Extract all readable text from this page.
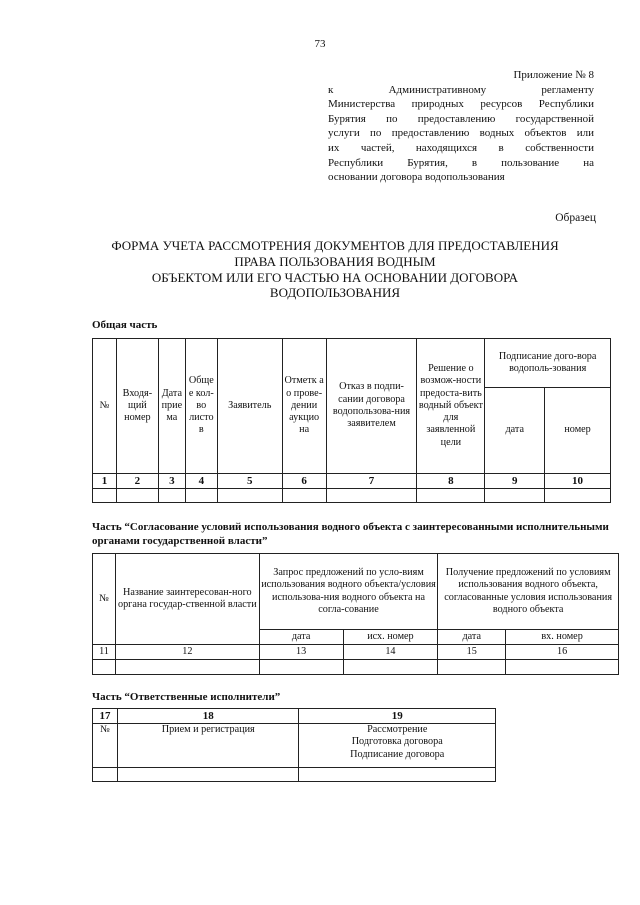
73
Приложение № 8
к Административному регламенту
Министерства природных ресурсов Республики
Бурятия по предоставлению государственной
услуги по предоставлению водных объектов или
их частей, находящихся в собственности
Республики Бурятия, в пользование на
основании договора водопользования
Образец
ФОРМА УЧЕТА РАССМОТРЕНИЯ ДОКУМЕНТОВ ДЛЯ ПРЕДОСТАВЛЕНИЯ
ПРАВА ПОЛЬЗОВАНИЯ ВОДНЫМ
ОБЪЕКТОМ ИЛИ ЕГО ЧАСТЬЮ НА ОСНОВАНИИ ДОГОВОРА
ВОДОПОЛЬЗОВАНИЯ
Общая часть
№	Входя-щий номер	Дата прие ма	Обще е кол-во листо в	Заявитель	Отметк а о прове-дении аукцио на	Отказ в подпи-сании договора водопользова-ния заявителем	Решение о возмож-ности предоста-вить водный объект для заявленной цели	Подписание дого-вора водополь-зования	
								дата	номер
1	2	3	4	5	6	7	8	9	10

Часть “Согласование условий использования водного объекта с заинтересованными исполнительными органами государственной власти”
№	Название заинтересован-ного органа государ-ственной власти	Запрос предложений по усло-виям использования водного объекта/условия использова-ния водного объекта на согла-сование		Получение предложений по условиям использования водного объекта, согласованные условия использования водного объекта	
		дата	исх. номер	дата	вх. номер
11	12	13	14	15	16

Часть “Ответственные исполнители”
17	18	19
№	Прием и регистрация	Рассмотрение
Подготовка договора
Подписание договора
